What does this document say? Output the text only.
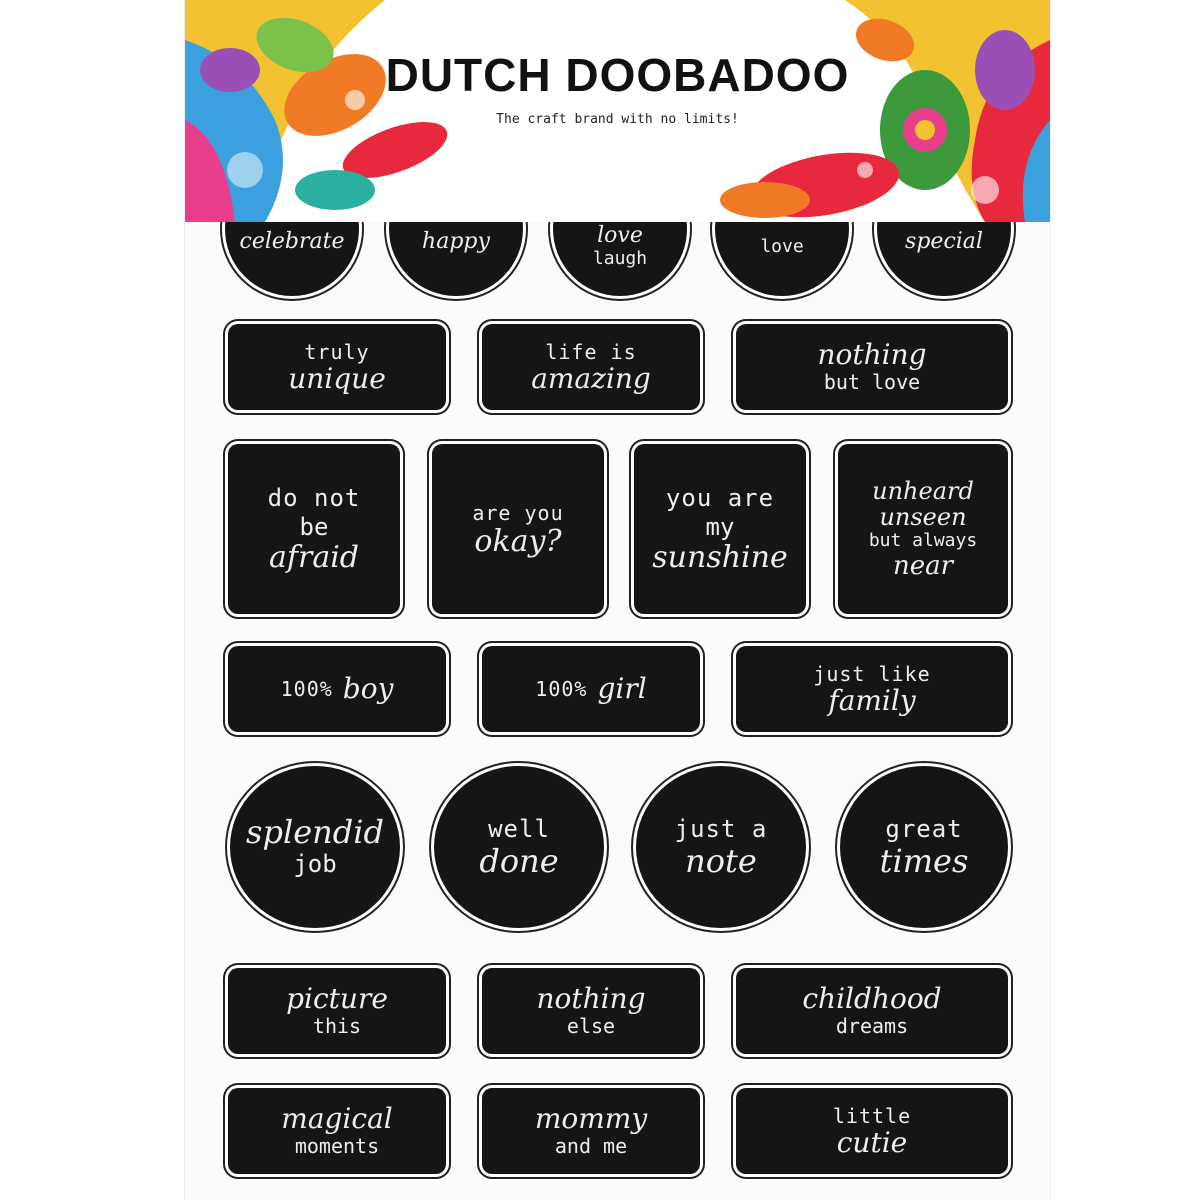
DUTCH DOOBADOO
The craft brand with no limits!
celebrate	happy	love
laugh
love	special
truly
unique
life is
amazing
nothing
but love
do not
be
afraid
are you
okay?
you are
my
sunshine
unheard unseen
but always
near
100% boy	100% girl	just like
family
splendid
job
well
done
just a
note
great
times
picture
this
nothing
else
childhood
dreams
magical
moments
mommy
and me
little
cutie
